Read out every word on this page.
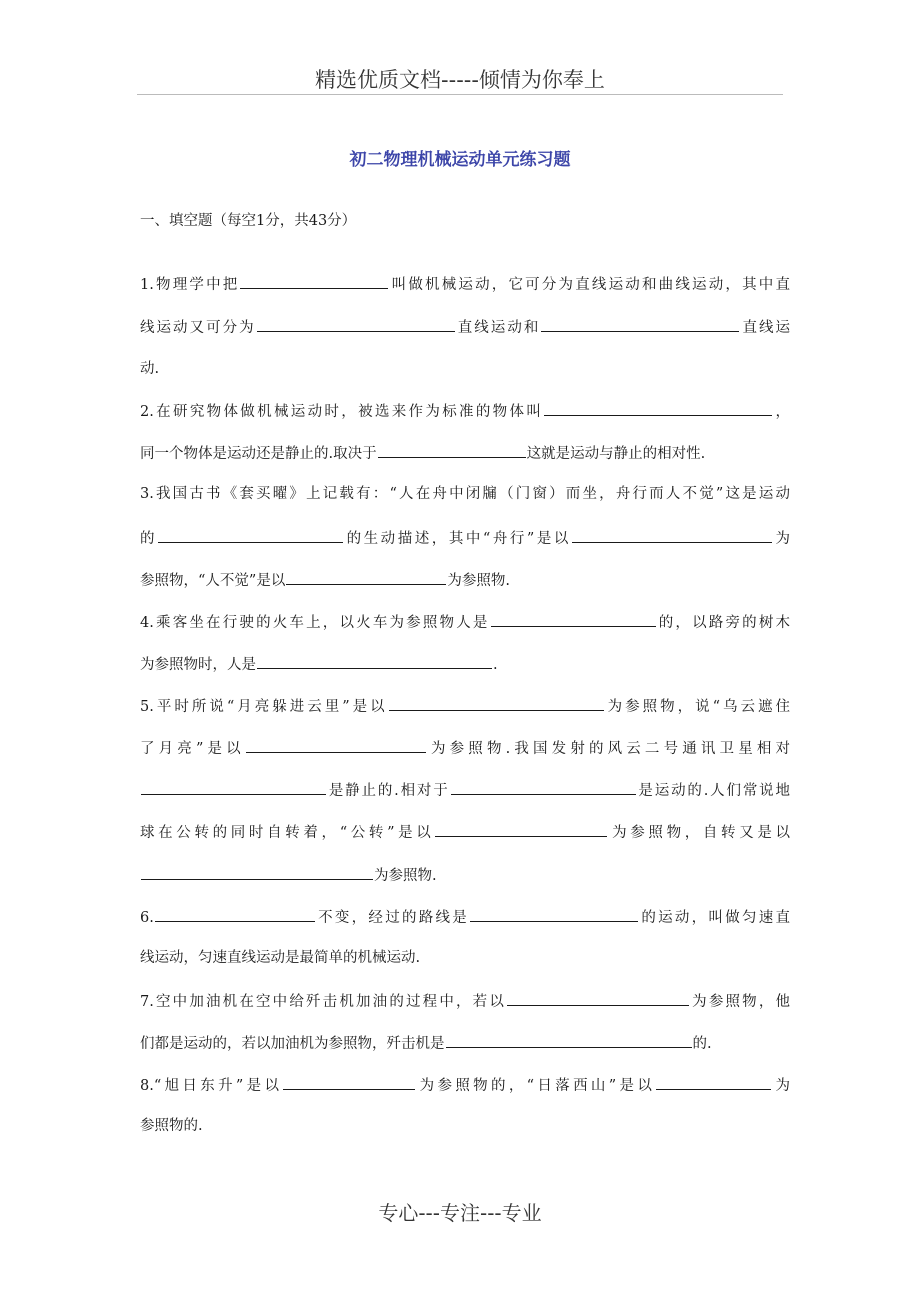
精选优质文档-----倾情为你奉上
初二物理机械运动单元练习题
一、填空题（每空1分，共43分）
1.物理学中把	叫做机械运动，它可分为直线运动和曲线运动，其中直
线运动又可分为	直线运动和	直线运
动.
2.在研究物体做机械运动时，被选来作为标准的物体叫	，
同一个物体是运动还是静止的.取决于	这就是运动与静止的相对性.
3.我国古书《套买曜》上记载有：“人在舟中闭牖（门窗）而坐，舟行而人不觉”这是运动
的	的生动描述，其中“舟行”是以	为
参照物，“人不觉”是以	为参照物.
4.乘客坐在行驶的火车上，以火车为参照物人是	的，以路旁的树木
为参照物时，人是	.
5.平时所说“月亮躲进云里”是以	为参照物，说“乌云遮住
了月亮”是以	为参照物.我国发射的风云二号通讯卫星相对
是静止的.相对于	是运动的.人们常说地
球在公转的同时自转着，“公转”是以	为参照物，自转又是以
为参照物.
6.	不变，经过的路线是	的运动，叫做匀速直
线运动，匀速直线运动是最简单的机械运动.
7.空中加油机在空中给歼击机加油的过程中，若以	为参照物，他
们都是运动的，若以加油机为参照物，歼击机是	的.
8.“旭日东升”是以	为参照物的，“日落西山”是以	为
参照物的.
专心---专注---专业
